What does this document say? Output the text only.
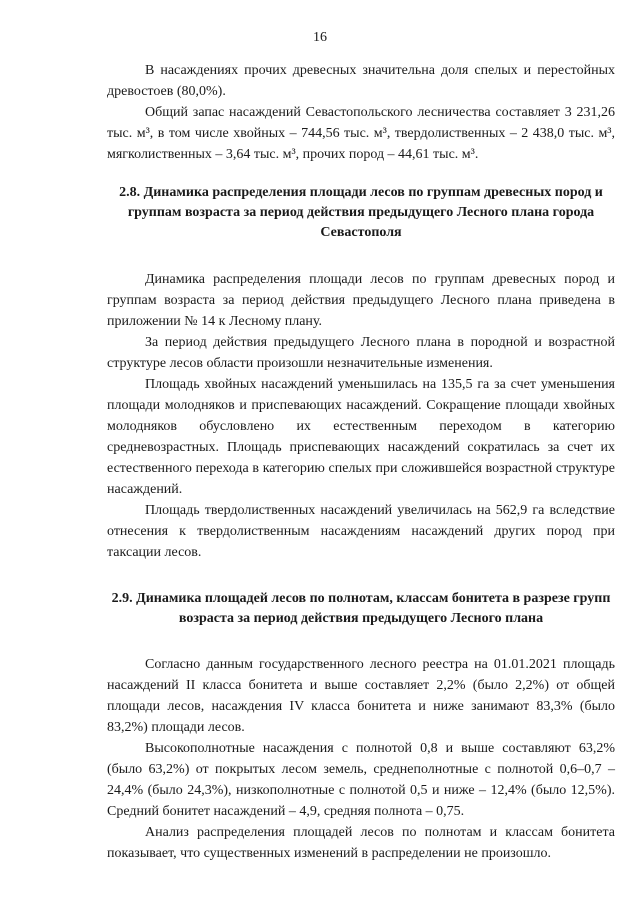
16

В насаждениях прочих древесных значительна доля спелых и перестойных древостоев (80,0%).

Общий запас насаждений Севастопольского лесничества составляет 3 231,26 тыс. м³, в том числе хвойных – 744,56 тыс. м³, твердолиственных – 2 438,0 тыс. м³, мягколиственных – 3,64 тыс. м³, прочих пород – 44,61 тыс. м³.

2.8. Динамика распределения площади лесов по группам древесных пород и группам возраста за период действия предыдущего Лесного плана города Севастополя

Динамика распределения площади лесов по группам древесных пород и группам возраста за период действия предыдущего Лесного плана приведена в приложении № 14 к Лесному плану.

За период действия предыдущего Лесного плана в породной и возрастной структуре лесов области произошли незначительные изменения.

Площадь хвойных насаждений уменьшилась на 135,5 га за счет уменьшения площади молодняков и приспевающих насаждений. Сокращение площади хвойных молодняков обусловлено их естественным переходом в категорию средневозрастных. Площадь приспевающих насаждений сократилась за счет их естественного перехода в категорию спелых при сложившейся возрастной структуре насаждений.

Площадь твердолиственных насаждений увеличилась на 562,9 га вследствие отнесения к твердолиственным насаждениям насаждений других пород при таксации лесов.

2.9. Динамика площадей лесов по полнотам, классам бонитета в разрезе групп возраста за период действия предыдущего Лесного плана

Согласно данным государственного лесного реестра на 01.01.2021 площадь насаждений II класса бонитета и выше составляет 2,2% (было 2,2%) от общей площади лесов, насаждения IV класса бонитета и ниже занимают 83,3% (было 83,2%) площади лесов.

Высокополнотные насаждения с полнотой 0,8 и выше составляют 63,2% (было 63,2%) от покрытых лесом земель, среднеполнотные с полнотой 0,6–0,7 – 24,4% (было 24,3%), низкополнотные с полнотой 0,5 и ниже – 12,4% (было 12,5%). Средний бонитет насаждений – 4,9, средняя полнота – 0,75.

Анализ распределения площадей лесов по полнотам и классам бонитета показывает, что существенных изменений в распределении не произошло.
